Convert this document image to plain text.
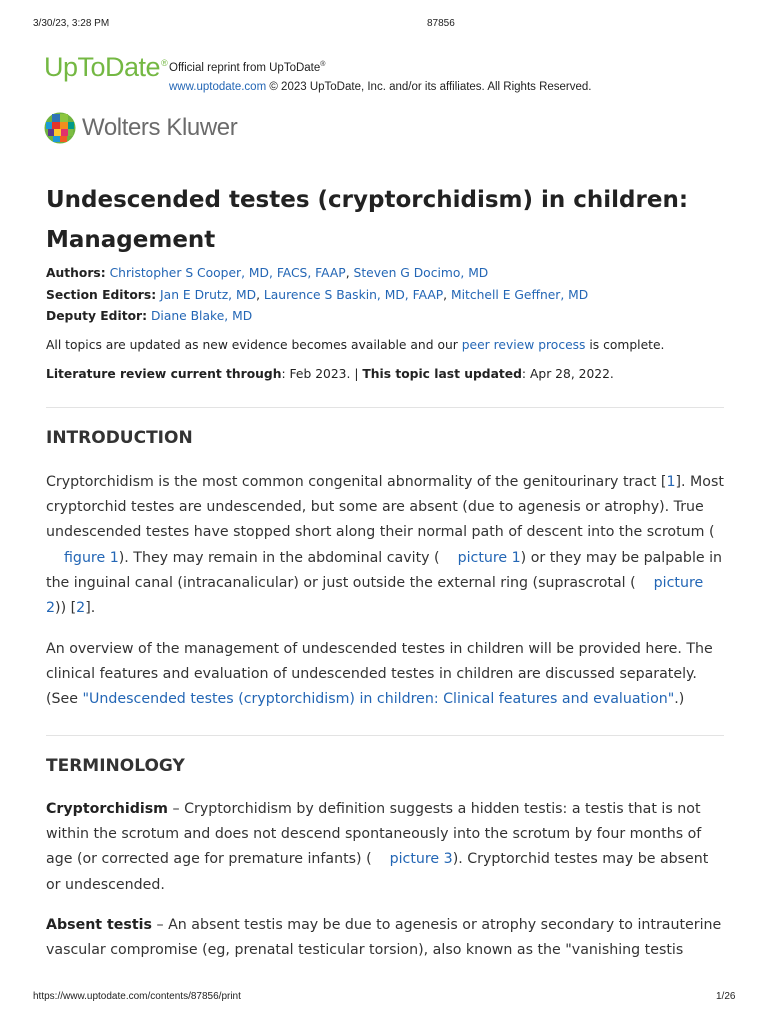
3/30/23, 3:28 PM	87856
https://www.uptodate.com/contents/87856/print	1/26
UpToDate® Official reprint from UpToDate®
www.uptodate.com © 2023 UpToDate, Inc. and/or its affiliates. All Rights Reserved.
Wolters Kluwer
Undescended testes (cryptorchidism) in children: Management
Authors: Christopher S Cooper, MD, FACS, FAAP, Steven G Docimo, MD
Section Editors: Jan E Drutz, MD, Laurence S Baskin, MD, FAAP, Mitchell E Geffner, MD
Deputy Editor: Diane Blake, MD
All topics are updated as new evidence becomes available and our peer review process is complete.
Literature review current through: Feb 2023. | This topic last updated: Apr 28, 2022.
INTRODUCTION
Cryptorchidism is the most common congenital abnormality of the genitourinary tract [1]. Most cryptorchid testes are undescended, but some are absent (due to agenesis or atrophy). True undescended testes have stopped short along their normal path of descent into the scrotum (figure 1). They may remain in the abdominal cavity ( picture 1) or they may be palpable in the inguinal canal (intracanalicular) or just outside the external ring (suprascrotal ( picture 2)) [2].
An overview of the management of undescended testes in children will be provided here. The clinical features and evaluation of undescended testes in children are discussed separately. (See "Undescended testes (cryptorchidism) in children: Clinical features and evaluation".)
TERMINOLOGY
Cryptorchidism – Cryptorchidism by definition suggests a hidden testis: a testis that is not within the scrotum and does not descend spontaneously into the scrotum by four months of age (or corrected age for premature infants) ( picture 3). Cryptorchid testes may be absent or undescended.
Absent testis – An absent testis may be due to agenesis or atrophy secondary to intrauterine vascular compromise (eg, prenatal testicular torsion), also known as the "vanishing testis
